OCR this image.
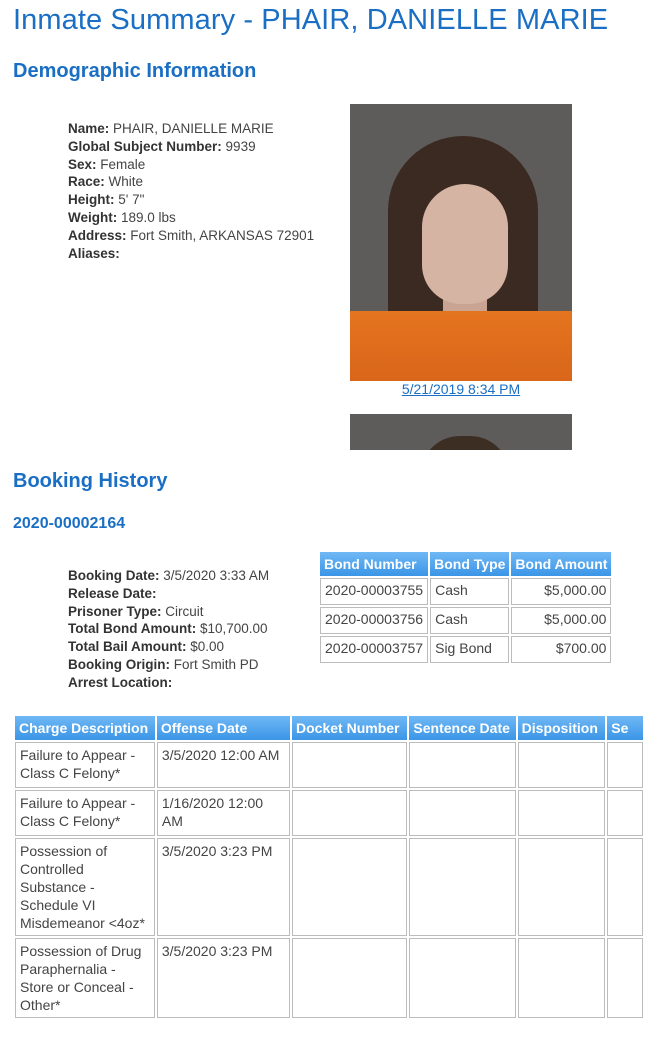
Inmate Summary - PHAIR, DANIELLE MARIE
Demographic Information
Name: PHAIR, DANIELLE MARIE
Global Subject Number: 9939
Sex: Female
Race: White
Height: 5' 7"
Weight: 189.0 lbs
Address: Fort Smith, ARKANSAS 72901
Aliases:
5/21/2019 8:34 PM
Booking History
2020-00002164
Booking Date: 3/5/2020 3:33 AM
Release Date:
Prisoner Type: Circuit
Total Bond Amount: $10,700.00
Total Bail Amount: $0.00
Booking Origin: Fort Smith PD
Arrest Location:
Bond Number	Bond Type	Bond Amount
2020-00003755	Cash	$5,000.00
2020-00003756	Cash	$5,000.00
2020-00003757	Sig Bond	$700.00
Charge Description	Offense Date	Docket Number	Sentence Date	Disposition	Se
Failure to Appear - Class C Felony*	3/5/2020 12:00 AM				
Failure to Appear - Class C Felony*	1/16/2020 12:00 AM				
Possession of Controlled Substance - Schedule VI Misdemeanor <4oz*	3/5/2020 3:23 PM				
Possession of Drug Paraphernalia - Store or Conceal - Other*	3/5/2020 3:23 PM				
